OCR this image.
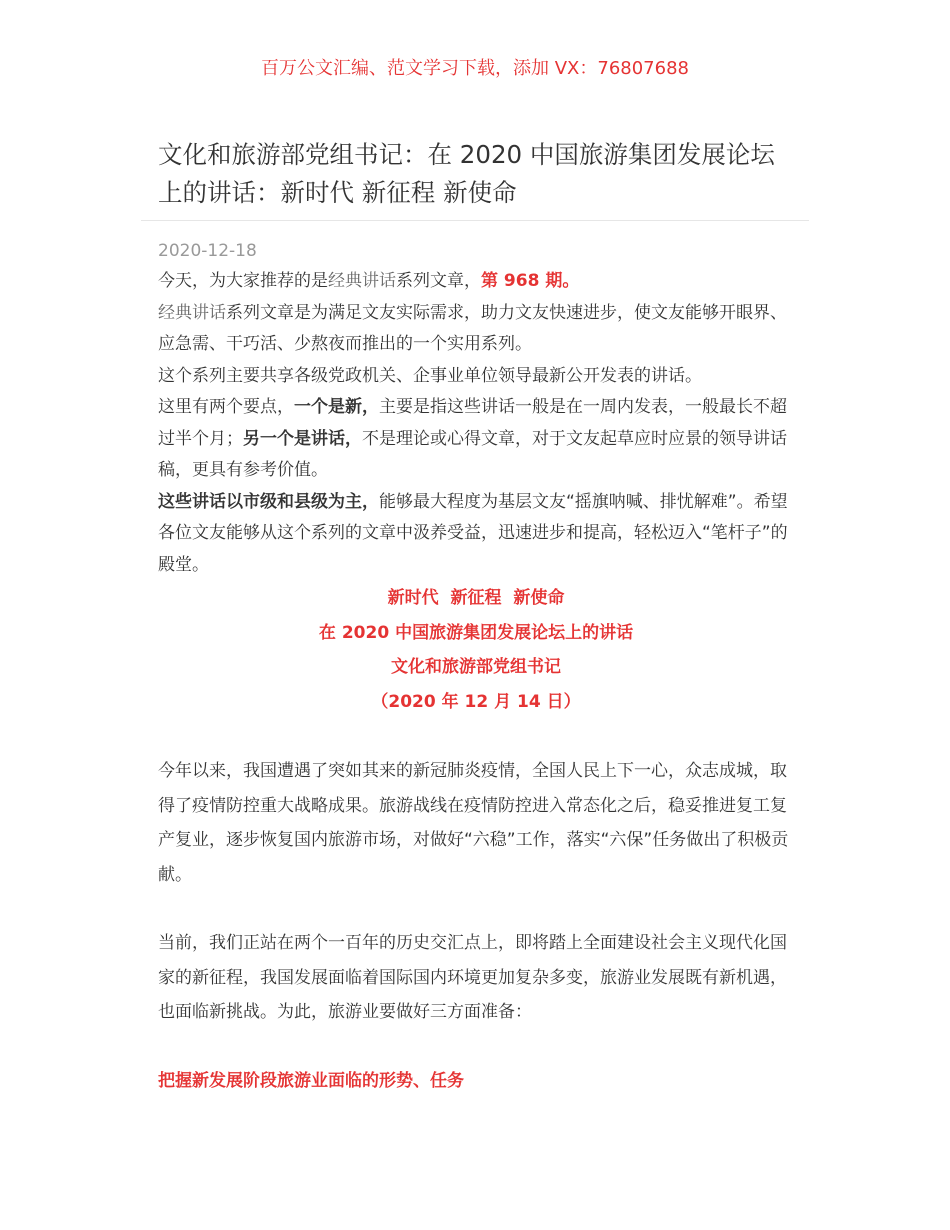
百万公文汇编、范文学习下载，添加 VX：76807688
文化和旅游部党组书记：在 2020 中国旅游集团发展论坛上的讲话：新时代 新征程 新使命
2020-12-18

今天，为大家推荐的是经典讲话系列文章，第 968 期。

经典讲话系列文章是为满足文友实际需求，助力文友快速进步，使文友能够开眼界、应急需、干巧活、少熬夜而推出的一个实用系列。

这个系列主要共享各级党政机关、企事业单位领导最新公开发表的讲话。

这里有两个要点，一个是新，主要是指这些讲话一般是在一周内发表，一般最长不超过半个月；另一个是讲话，不是理论或心得文章，对于文友起草应时应景的领导讲话稿，更具有参考价值。

这些讲话以市级和县级为主，能够最大程度为基层文友“摇旗呐喊、排忧解难”。希望各位文友能够从这个系列的文章中汲养受益，迅速进步和提高，轻松迈入“笔杆子”的殿堂。

新时代  新征程  新使命
在 2020 中国旅游集团发展论坛上的讲话
文化和旅游部党组书记
（2020 年 12 月 14 日）

今年以来，我国遭遇了突如其来的新冠肺炎疫情，全国人民上下一心，众志成城，取得了疫情防控重大战略成果。旅游战线在疫情防控进入常态化之后，稳妥推进复工复产复业，逐步恢复国内旅游市场，对做好“六稳”工作，落实“六保”任务做出了积极贡献。

当前，我们正站在两个一百年的历史交汇点上，即将踏上全面建设社会主义现代化国家的新征程，我国发展面临着国际国内环境更加复杂多变，旅游业发展既有新机遇，也面临新挑战。为此，旅游业要做好三方面准备：

把握新发展阶段旅游业面临的形势、任务
